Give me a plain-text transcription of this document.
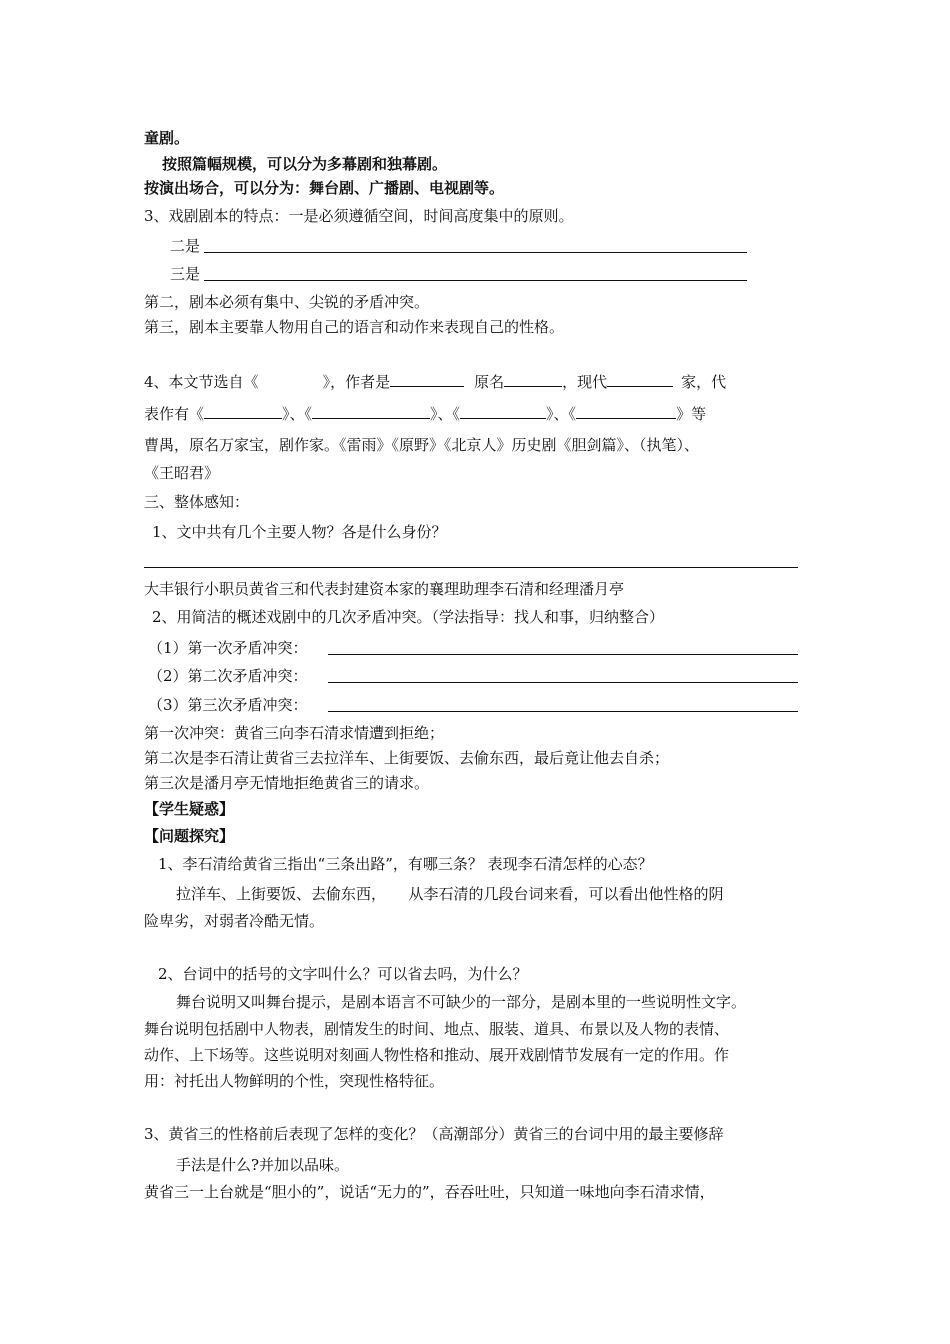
童剧。
按照篇幅规模，可以分为多幕剧和独幕剧。
按演出场合，可以分为：舞台剧、广播剧、电视剧等。
3、戏剧剧本的特点：一是必须遵循空间，时间高度集中的原则。
二是
三是
第二，剧本必须有集中、尖锐的矛盾冲突。
第三，剧本主要靠人物用自己的语言和动作来表现自己的性格。
4、本文节选自《	》，作者是	原名	，现代	家，代
表作有《	》、《	》、《	》、《	》等
曹禺，原名万家宝，剧作家。《雷雨》《原野》《北京人》历史剧《胆剑篇》、（执笔）、
《王昭君》
三、整体感知：
1、文中共有几个主要人物？各是什么身份？
大丰银行小职员黄省三和代表封建资本家的襄理助理李石清和经理潘月亭
2、用简洁的概述戏剧中的几次矛盾冲突。（学法指导：找人和事，归纳整合）
（1）第一次矛盾冲突：
（2）第二次矛盾冲突：
（3）第三次矛盾冲突：
第一次冲突：黄省三向李石清求情遭到拒绝；
第二次是李石清让黄省三去拉洋车、上街要饭、去偷东西，最后竟让他去自杀；
第三次是潘月亭无情地拒绝黄省三的请求。
【学生疑惑】
【问题探究】
1、李石清给黄省三指出“三条出路”，有哪三条？ 表现李石清怎样的心态？
拉洋车、上街要饭、去偷东西，　　从李石清的几段台词来看，可以看出他性格的阴
险卑劣，对弱者冷酷无情。
2、台词中的括号的文字叫什么？可以省去吗，为什么？
舞台说明又叫舞台提示，是剧本语言不可缺少的一部分，是剧本里的一些说明性文字。
舞台说明包括剧中人物表，剧情发生的时间、地点、服装、道具、布景以及人物的表情、
动作、上下场等。这些说明对刻画人物性格和推动、展开戏剧情节发展有一定的作用。作
用：衬托出人物鲜明的个性，突现性格特征。
3、黄省三的性格前后表现了怎样的变化？（高潮部分）黄省三的台词中用的最主要修辞
手法是什么?并加以品味。
黄省三一上台就是“胆小的”，说话“无力的”，吞吞吐吐，只知道一味地向李石清求情，
